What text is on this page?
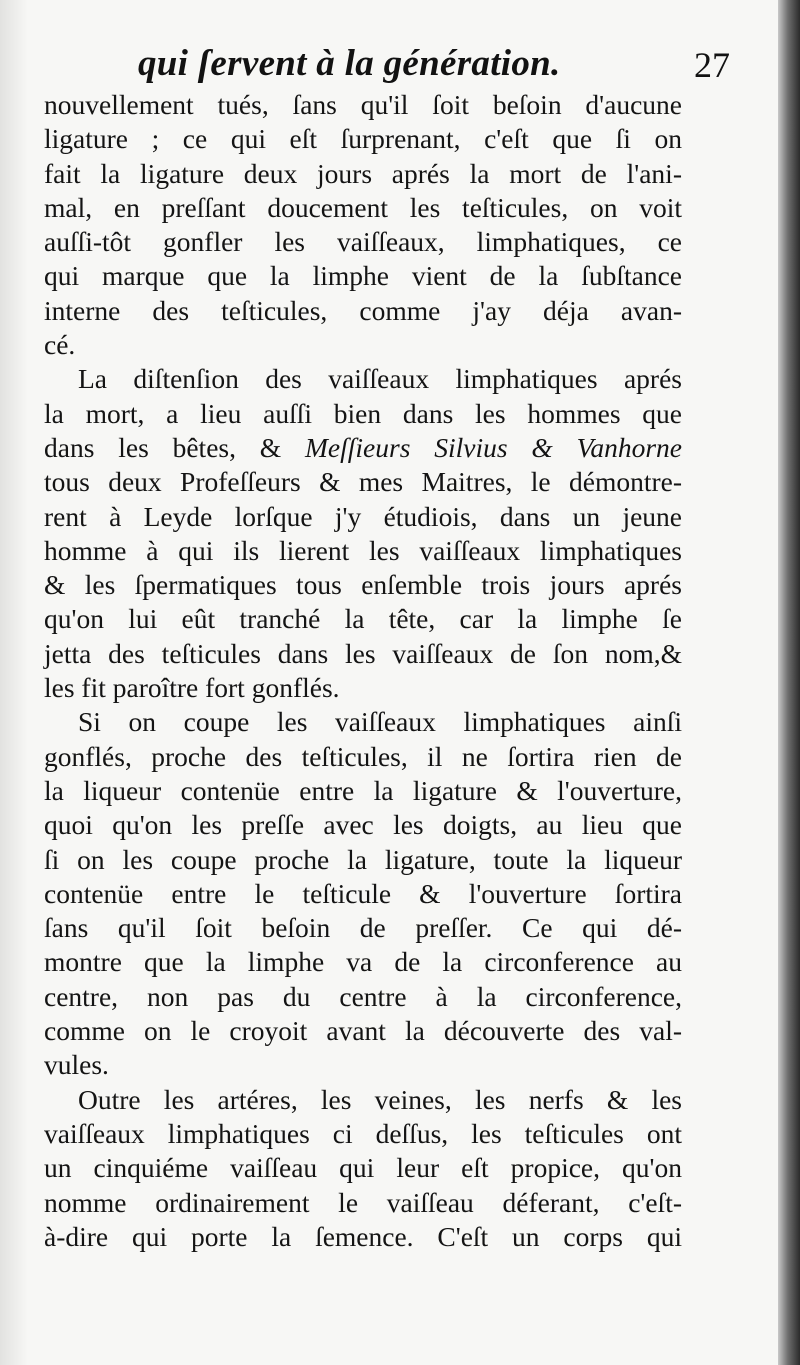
qui ſervent à la génération.	27
nouvellement tués, ſans qu'il ſoit beſoin d'aucune
ligature ; ce qui eſt ſurprenant, c'eſt que ſi on
fait la ligature deux jours aprés la mort de l'ani-
mal, en preſſant doucement les teſticules, on voit
auſſi-tôt gonfler les vaiſſeaux, limphatiques, ce
qui marque que la limphe vient de la ſubſtance
interne des teſticules, comme j'ay déja avan-
cé.
La diſtenſion des vaiſſeaux limphatiques aprés
la mort, a lieu auſſi bien dans les hommes que
dans les bêtes, & Meſſieurs Silvius & Vanhorne
tous deux Profeſſeurs & mes Maitres, le démontre-
rent à Leyde lorſque j'y étudiois, dans un jeune
homme à qui ils lierent les vaiſſeaux limphatiques
& les ſpermatiques tous enſemble trois jours aprés
qu'on lui eût tranché la tête, car la limphe ſe
jetta des teſticules dans les vaiſſeaux de ſon nom,&
les fit paroître fort gonflés.
Si on coupe les vaiſſeaux limphatiques ainſi
gonflés, proche des teſticules, il ne ſortira rien de
la liqueur contenüe entre la ligature & l'ouverture,
quoi qu'on les preſſe avec les doigts, au lieu que
ſi on les coupe proche la ligature, toute la liqueur
contenüe entre le teſticule & l'ouverture ſortira
ſans qu'il ſoit beſoin de preſſer. Ce qui dé-
montre que la limphe va de la circonference au
centre, non pas du centre à la circonference,
comme on le croyoit avant la découverte des val-
vules.
Outre les artéres, les veines, les nerfs & les
vaiſſeaux limphatiques ci deſſus, les teſticules ont
un cinquiéme vaiſſeau qui leur eſt propice, qu'on
nomme ordinairement le vaiſſeau déferant, c'eſt-
à-dire qui porte la ſemence. C'eſt un corps qui
